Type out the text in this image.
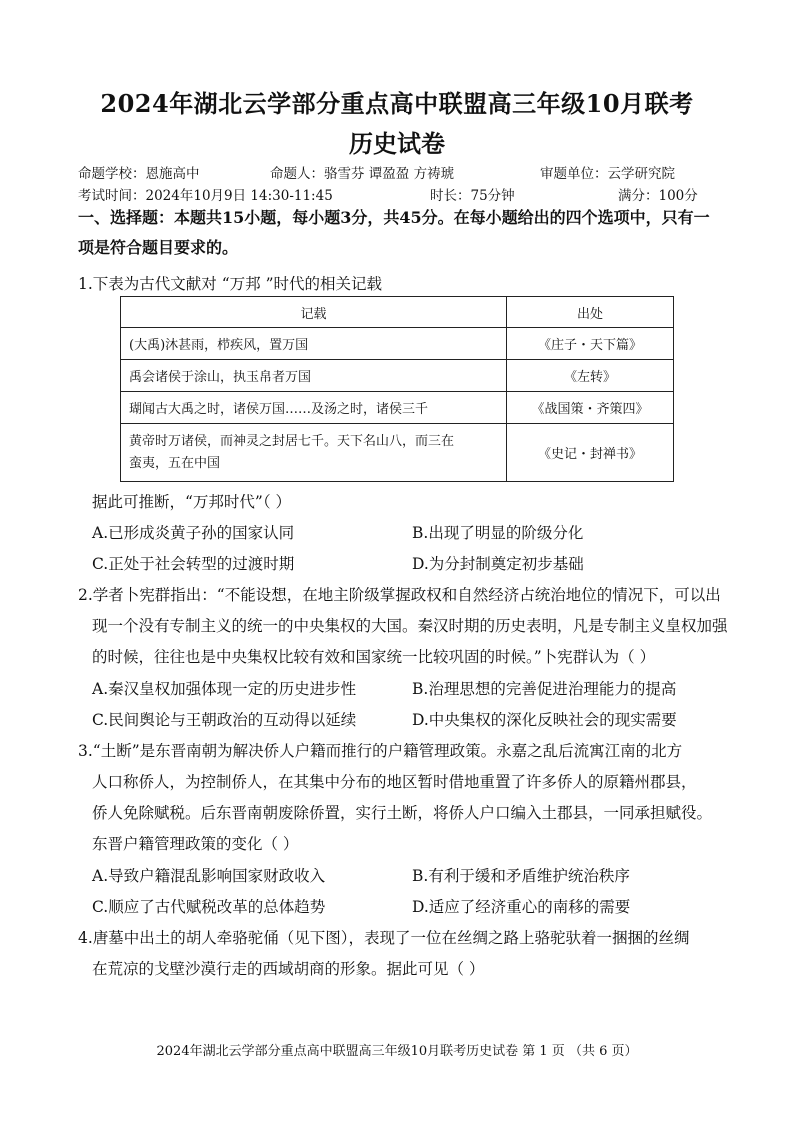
2024年湖北云学部分重点高中联盟高三年级10月联考
历史试卷
命题学校：恩施高中	命题人：骆雪芬 谭盈盈 方祷琥	审题单位：云学研究院
考试时间：2024年10月9日 14:30-11:45	时长：75分钟	满分：100分
一、选择题：本题共15小题，每小题3分，共45分。在每小题给出的四个选项中，只有一
项是符合题目要求的。
1.下表为古代文献对 “万邦 ”时代的相关记载
记载	出处
(大禹)沐甚雨，栉疾风，置万国	《庄子・天下篇》
禹会诸侯于涂山，执玉帛者万国	《左转》
瑚闻古大禹之时，诸侯万国……及汤之时，诸侯三千	《战国策・齐策四》

黄帝时万诸侯，而神灵之封居七千。天下名山八，而三在
蛮夷，五在中国	《史记・封禅书》
据此可推断，“万邦时代”（ ）
A.已形成炎黄子孙的国家认同	B.出现了明显的阶级分化
C.正处于社会转型的过渡时期	D.为分封制奠定初步基础
2.学者卜宪群指出：“不能设想，在地主阶级掌握政权和自然经济占统治地位的情况下，可以出
现一个没有专制主义的统一的中央集权的大国。秦汉时期的历史表明，凡是专制主义皇权加强
的时候，往往也是中央集权比较有效和国家统一比较巩固的时候。”卜宪群认为（ ）
A.秦汉皇权加强体现一定的历史进步性	B.治理思想的完善促进治理能力的提高
C.民间舆论与王朝政治的互动得以延续	D.中央集权的深化反映社会的现实需要
3.“土断”是东晋南朝为解决侨人户籍而推行的户籍管理政策。永嘉之乱后流寓江南的北方
人口称侨人，为控制侨人，在其集中分布的地区暂时借地重置了许多侨人的原籍州郡县，
侨人免除赋税。后东晋南朝废除侨置，实行土断，将侨人户口编入土郡县，一同承担赋役。
东晋户籍管理政策的变化（ ）
A.导致户籍混乱影响国家财政收入	B.有利于缓和矛盾维护统治秩序
C.顺应了古代赋税改革的总体趋势	D.适应了经济重心的南移的需要
4.唐墓中出土的胡人牵骆驼俑（见下图），表现了一位在丝绸之路上骆驼驮着一捆捆的丝绸
在荒凉的戈壁沙漠行走的西域胡商的形象。据此可见（ ）
2024年湖北云学部分重点高中联盟高三年级10月联考历史试卷 第 1 页 （共 6 页）
